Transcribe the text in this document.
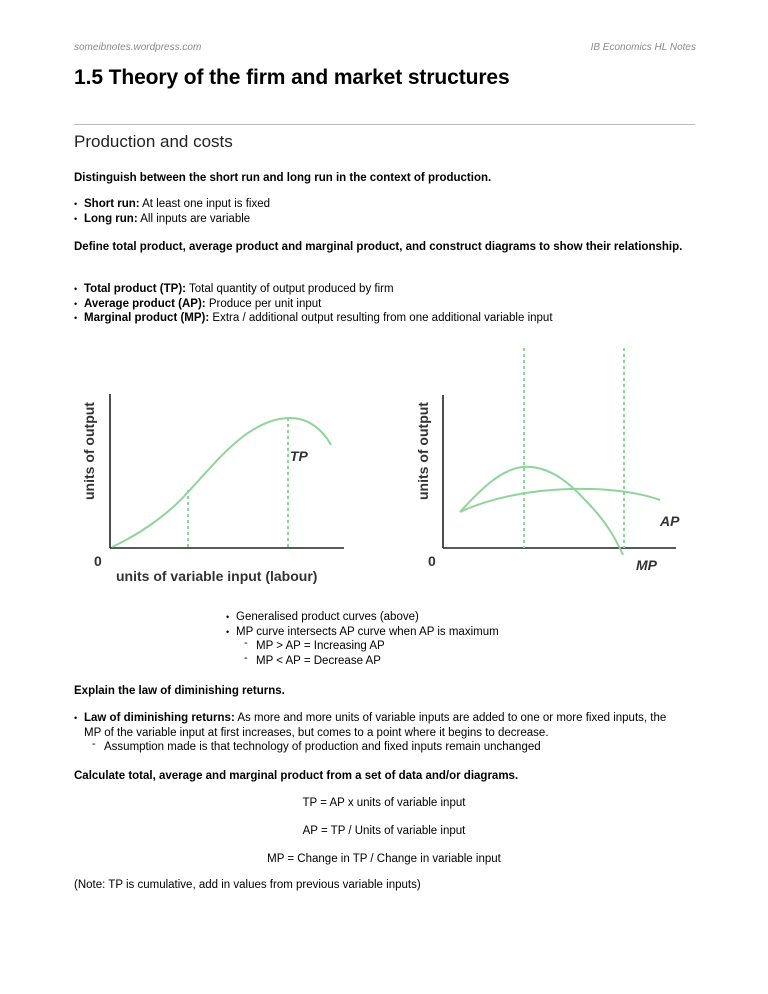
someibnotes.wordpress.com	IB Economics HL Notes
1.5 Theory of the firm and market structures
Production and costs
Distinguish between the short run and long run in the context of production.
• Short run: At least one input is fixed
• Long run: All inputs are variable
Define total product, average product and marginal product, and construct diagrams to show their relationship.
• Total product (TP): Total quantity of output produced by firm
• Average product (AP): Produce per unit input
• Marginal product (MP): Extra / additional output resulting from one additional variable input
TP
0
units of variable input (labour)
units of output
AP
MP
0
units of output
• Generalised product curves (above)
• MP curve intersects AP curve when AP is maximum
- MP > AP = Increasing AP
- MP < AP = Decrease AP
Explain the law of diminishing returns.
• Law of diminishing returns: As more and more units of variable inputs are added to one or more fixed inputs, the MP of the variable input at first increases, but comes to a point where it begins to decrease.
- Assumption made is that technology of production and fixed inputs remain unchanged
Calculate total, average and marginal product from a set of data and/or diagrams.
TP = AP x units of variable input
AP = TP / Units of variable input
MP = Change in TP / Change in variable input
(Note: TP is cumulative, add in values from previous variable inputs)
